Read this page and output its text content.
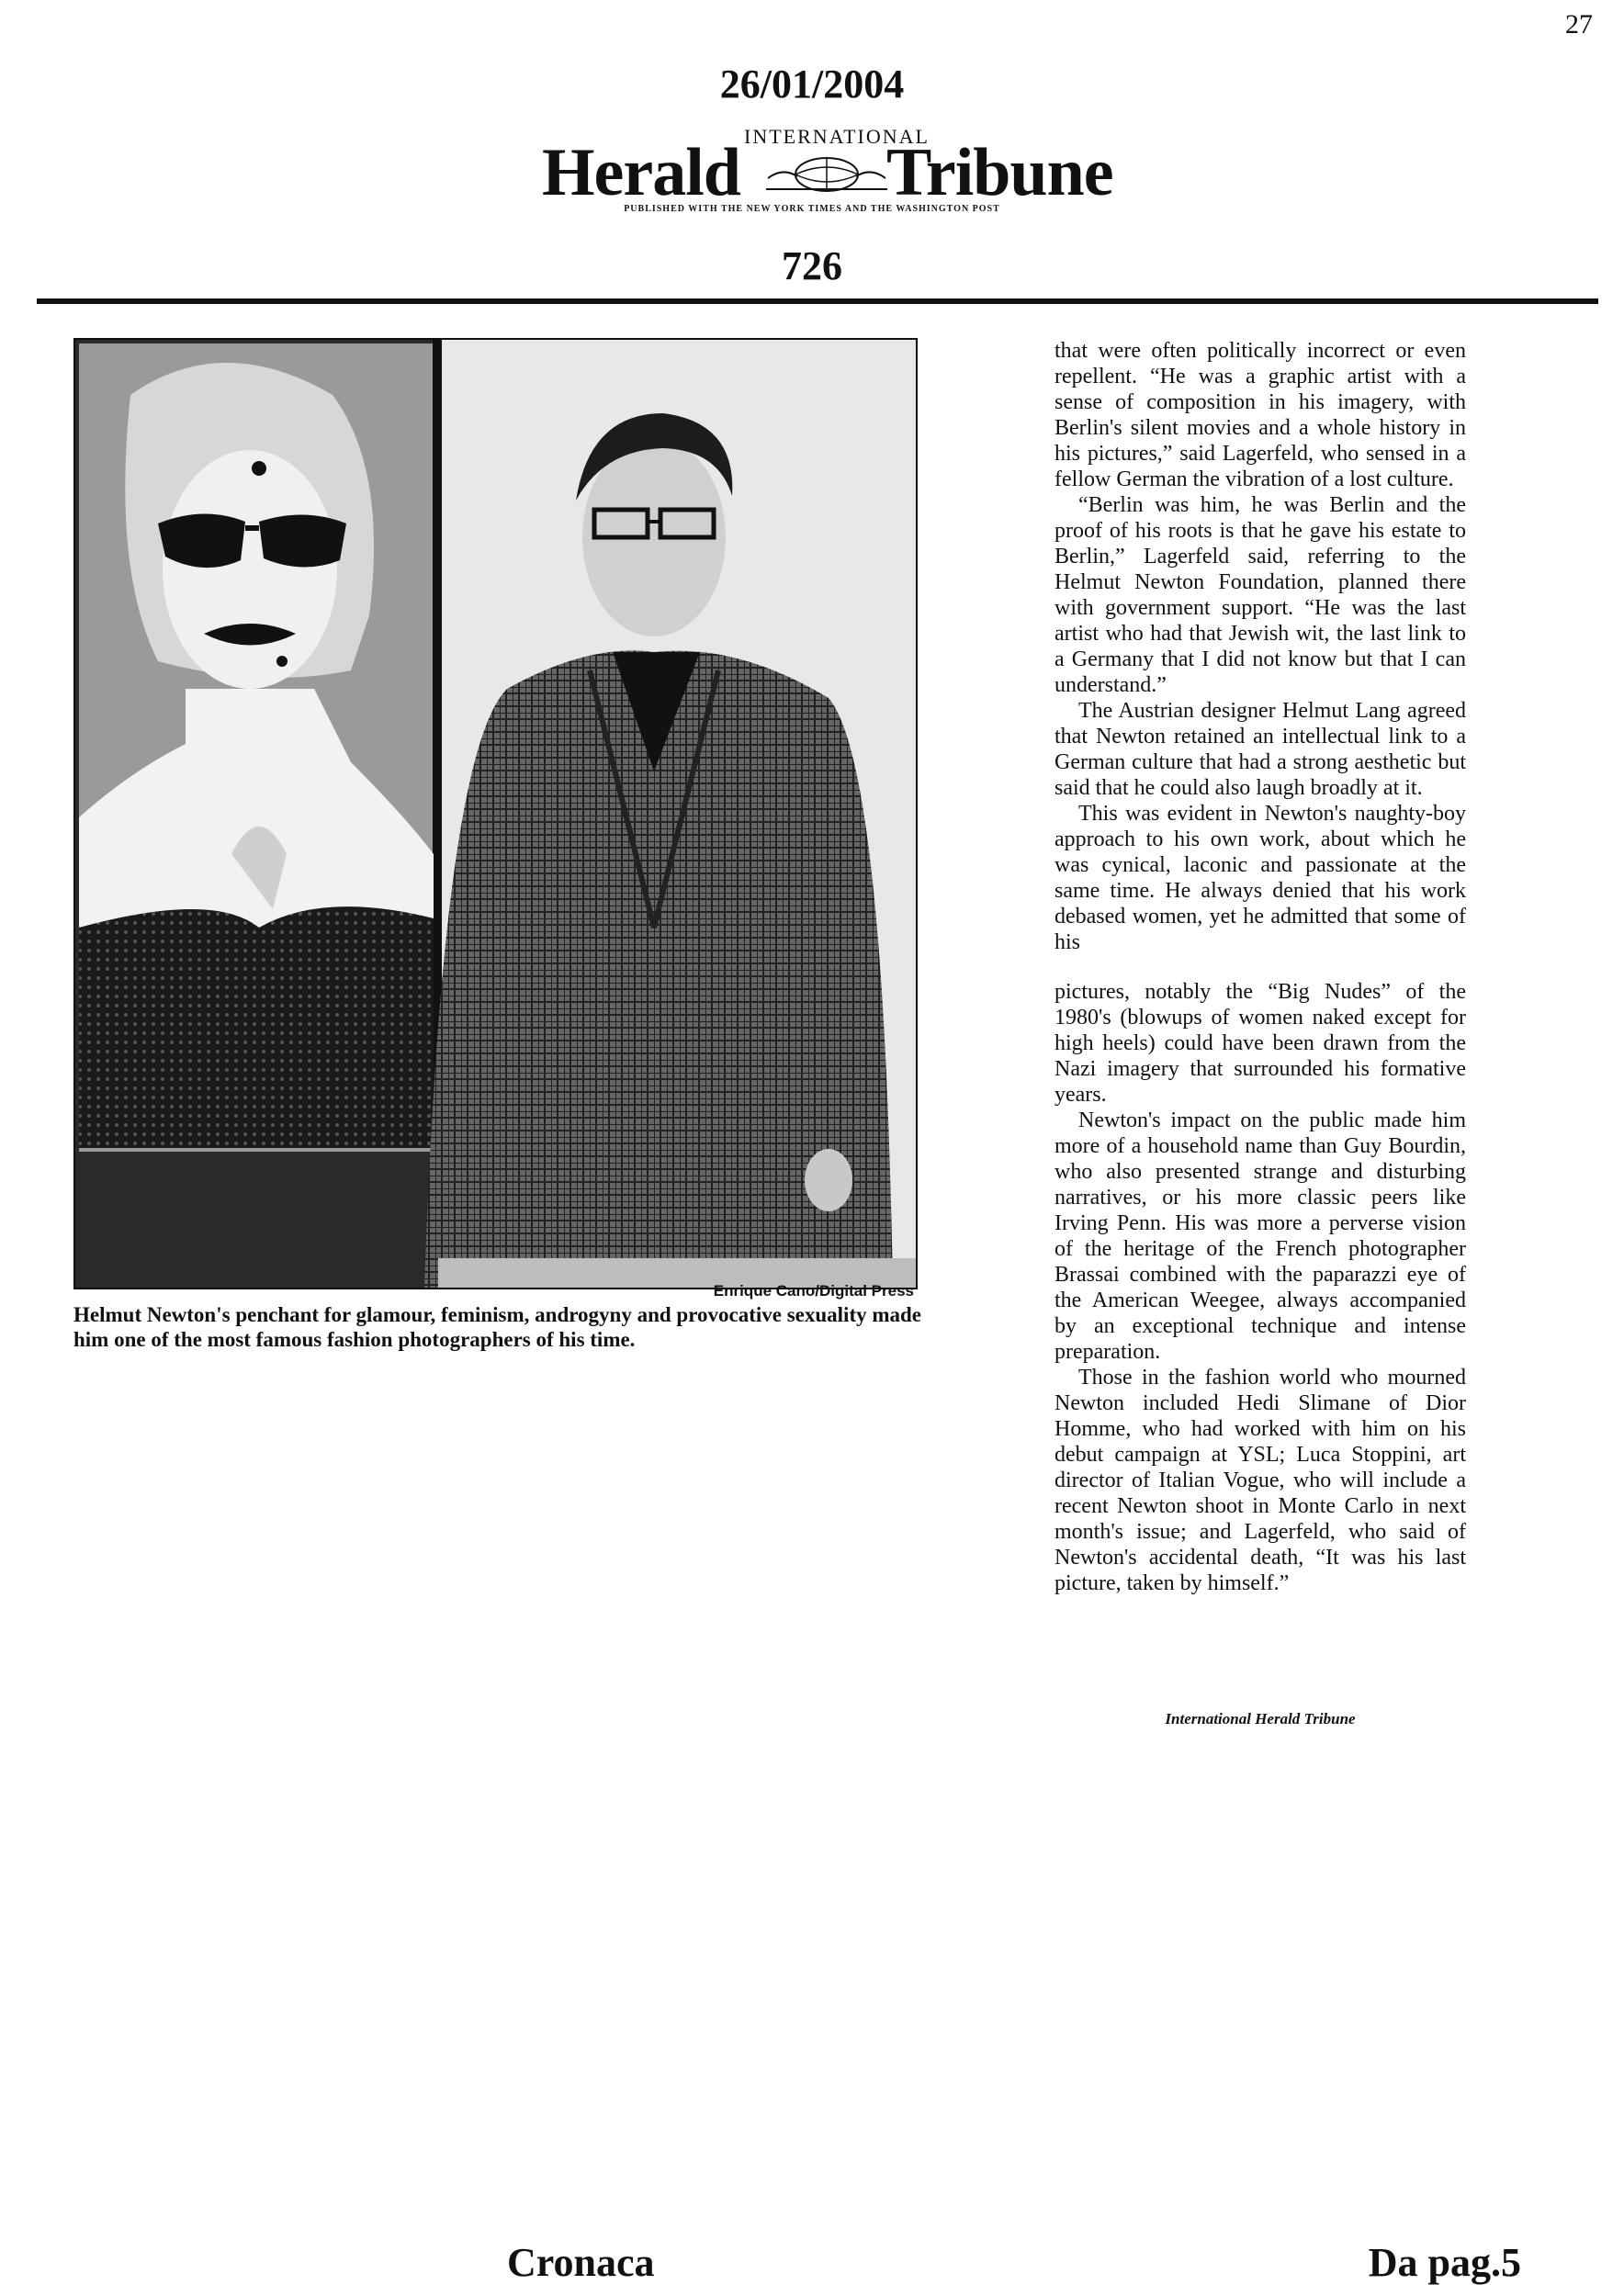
27
26/01/2004
INTERNATIONAL
Herald Tribune
PUBLISHED WITH THE NEW YORK TIMES AND THE WASHINGTON POST
726
Enrique Cano/Digital Press
Helmut Newton's penchant for glamour, feminism, androgyny and provocative sexuality made him one of the most famous fashion photographers of his time.

that were often politically incorrect or even repellent. “He was a graphic artist with a sense of composition in his imagery, with Berlin's silent movies and a whole history in his pictures,” said Lagerfeld, who sensed in a fellow German the vibration of a lost culture.

“Berlin was him, he was Berlin and the proof of his roots is that he gave his estate to Berlin,” Lagerfeld said, referring to the Helmut Newton Foundation, planned there with government support. “He was the last artist who had that Jewish wit, the last link to a Germany that I did not know but that I can understand.”

The Austrian designer Helmut Lang agreed that Newton retained an intellectual link to a German culture that had a strong aesthetic but said that he could also laugh broadly at it.

This was evident in Newton's naughty-boy approach to his own work, about which he was cynical, laconic and passionate at the same time. He always denied that his work debased women, yet he admitted that some of his

pictures, notably the “Big Nudes” of the 1980's (blowups of women naked except for high heels) could have been drawn from the Nazi imagery that surrounded his formative years.

Newton's impact on the public made him more of a household name than Guy Bourdin, who also presented strange and disturbing narratives, or his more classic peers like Irving Penn. His was more a perverse vision of the heritage of the French photographer Brassai combined with the paparazzi eye of the American Weegee, always accompanied by an exceptional technique and intense preparation.

Those in the fashion world who mourned Newton included Hedi Slimane of Dior Homme, who had worked with him on his debut campaign at YSL; Luca Stoppini, art director of Italian Vogue, who will include a recent Newton shoot in Monte Carlo in next month's issue; and Lagerfeld, who said of Newton's accidental death, “It was his last picture, taken by himself.”

International Herald Tribune
Cronaca	Da pag.5
